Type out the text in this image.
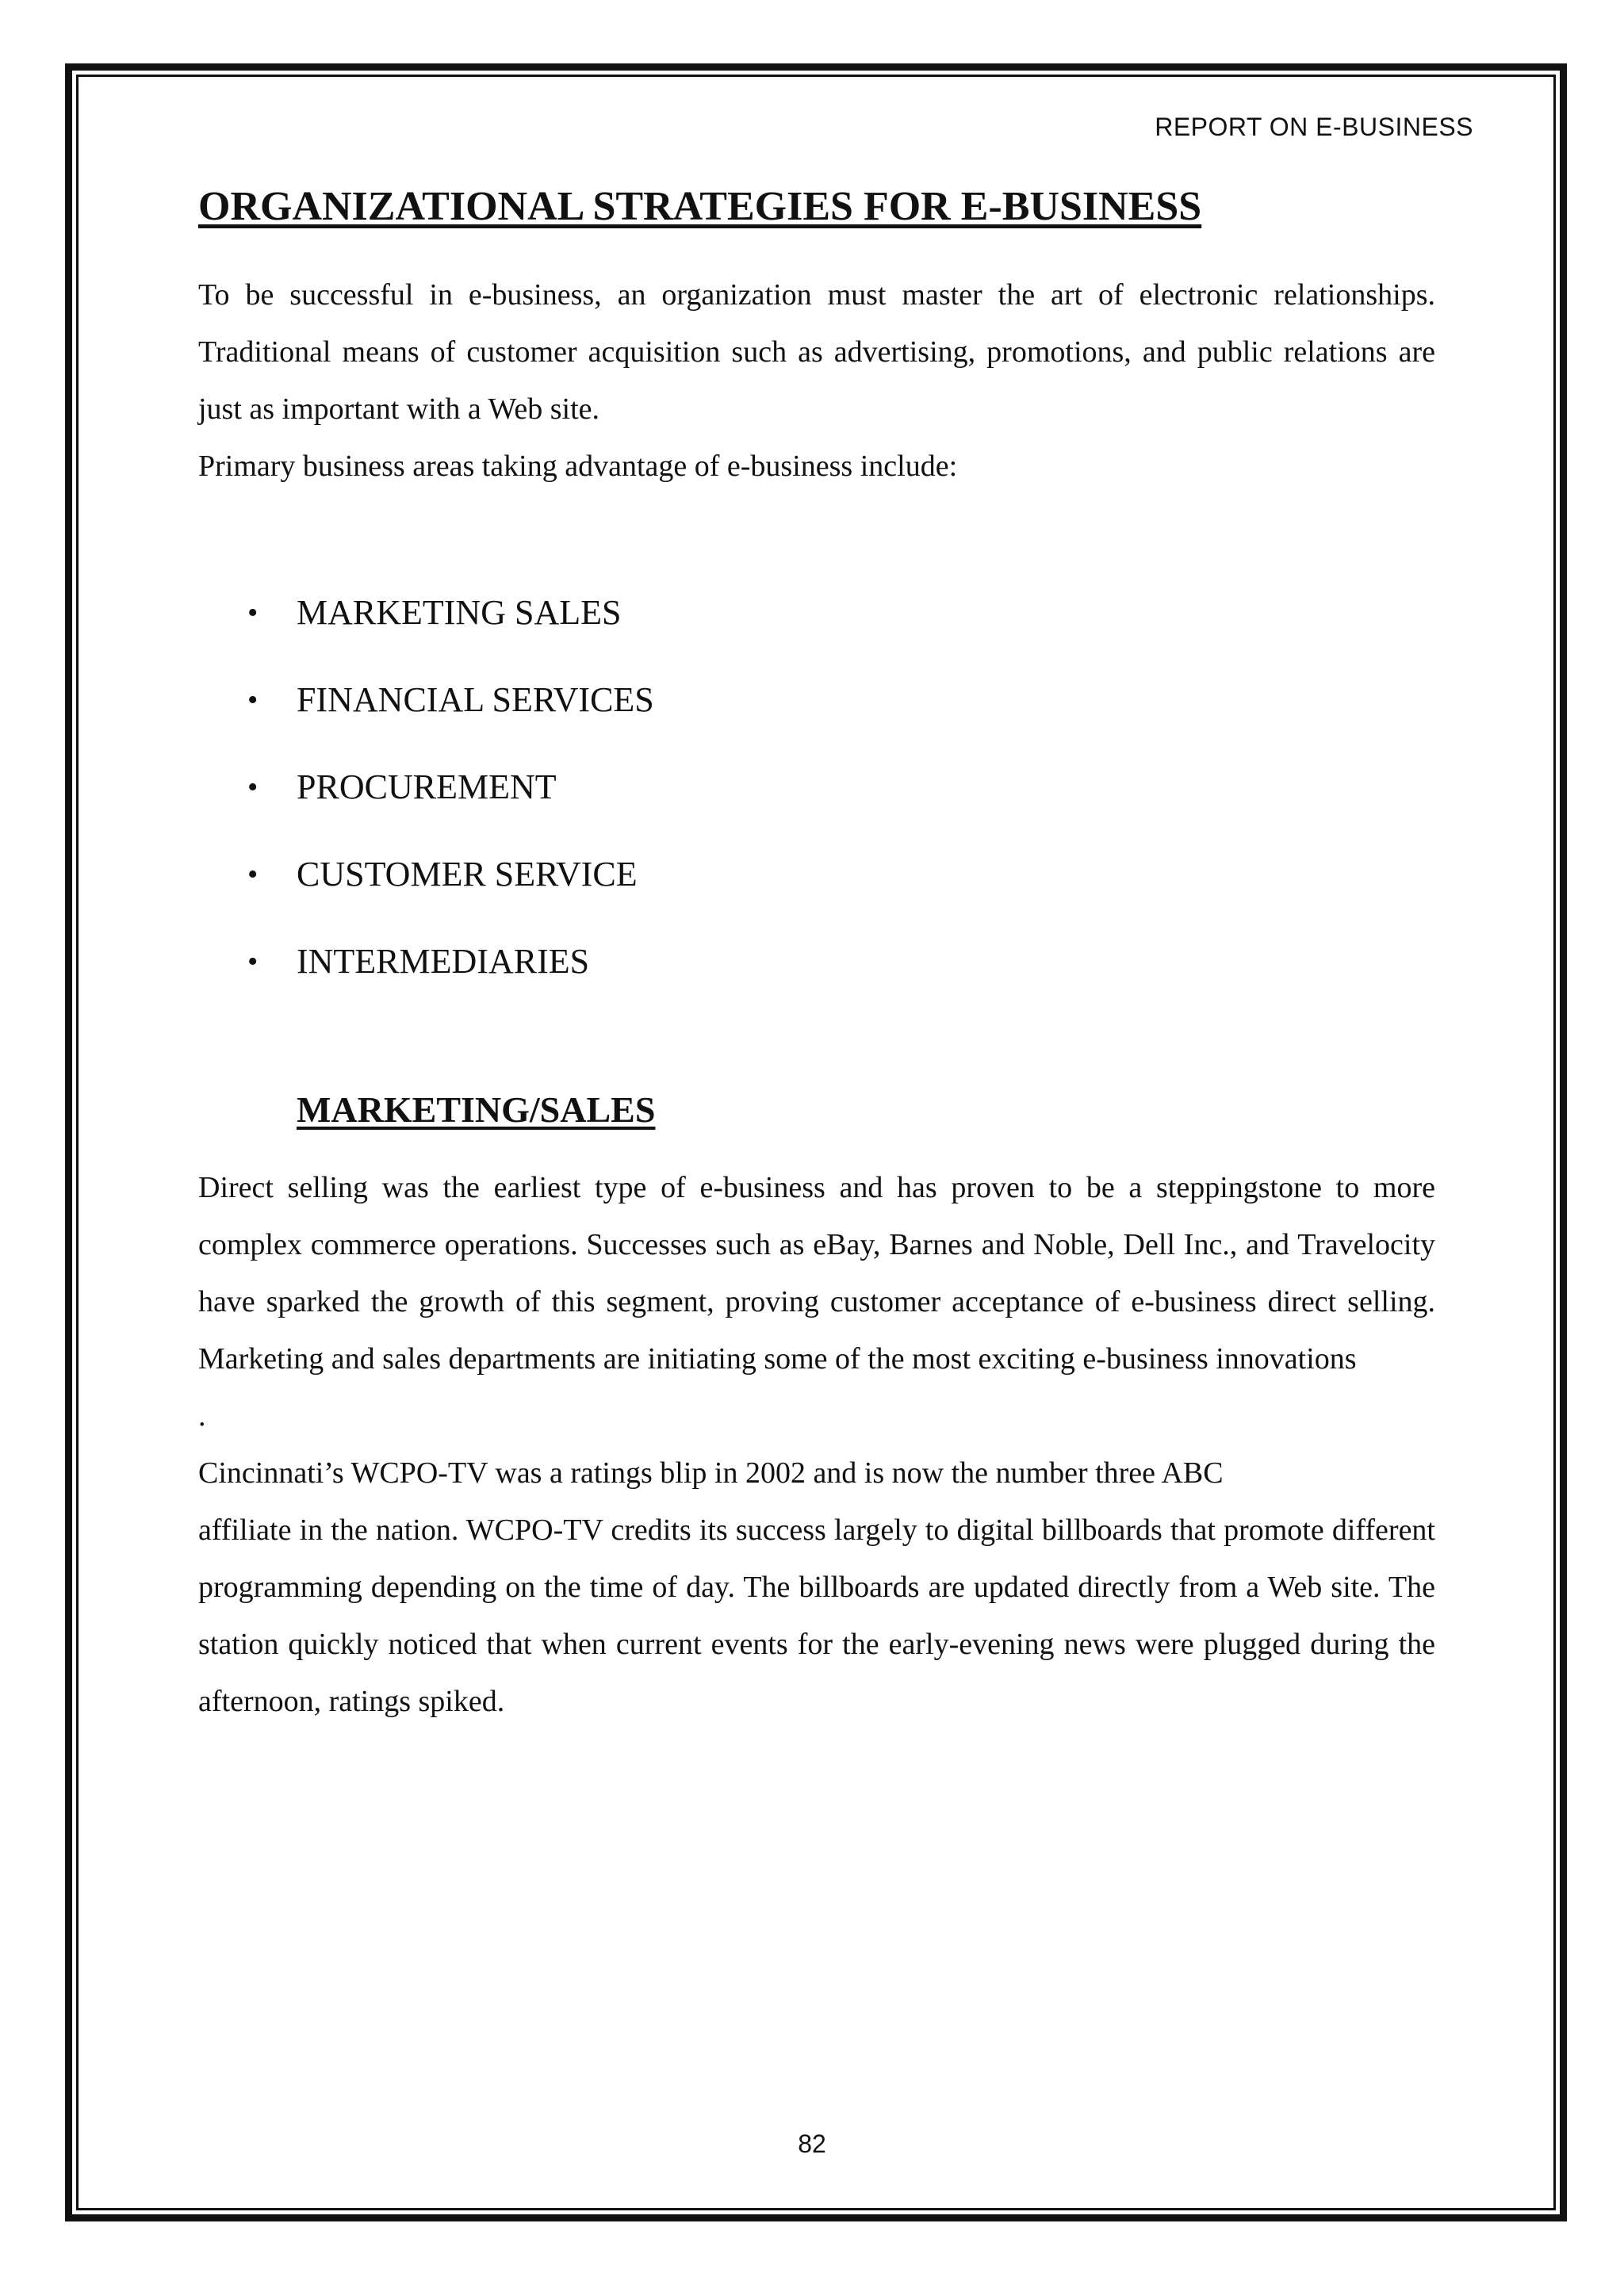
REPORT ON E-BUSINESS

ORGANIZATIONAL STRATEGIES FOR E-BUSINESS

To be successful in e-business, an organization must master the art of electronic relationships. Traditional means of customer acquisition such as advertising, promotions, and public relations are just as important with a Web site.

Primary business areas taking advantage of e-business include:

• MARKETING SALES
• FINANCIAL SERVICES
• PROCUREMENT
• CUSTOMER SERVICE
• INTERMEDIARIES
MARKETING/SALES

Direct selling was the earliest type of e-business and has proven to be a steppingstone to more complex commerce operations. Successes such as eBay, Barnes and Noble, Dell Inc., and Travelocity have sparked the growth of this segment, proving customer acceptance of e-business direct selling. Marketing and sales departments are initiating some of the most exciting e-business innovations

.

Cincinnati’s WCPO-TV was a ratings blip in 2002 and is now the number three ABC

affiliate in the nation. WCPO-TV credits its success largely to digital billboards that promote different programming depending on the time of day. The billboards are updated directly from a Web site. The station quickly noticed that when current events for the early-evening news were plugged during the afternoon, ratings spiked.

82
